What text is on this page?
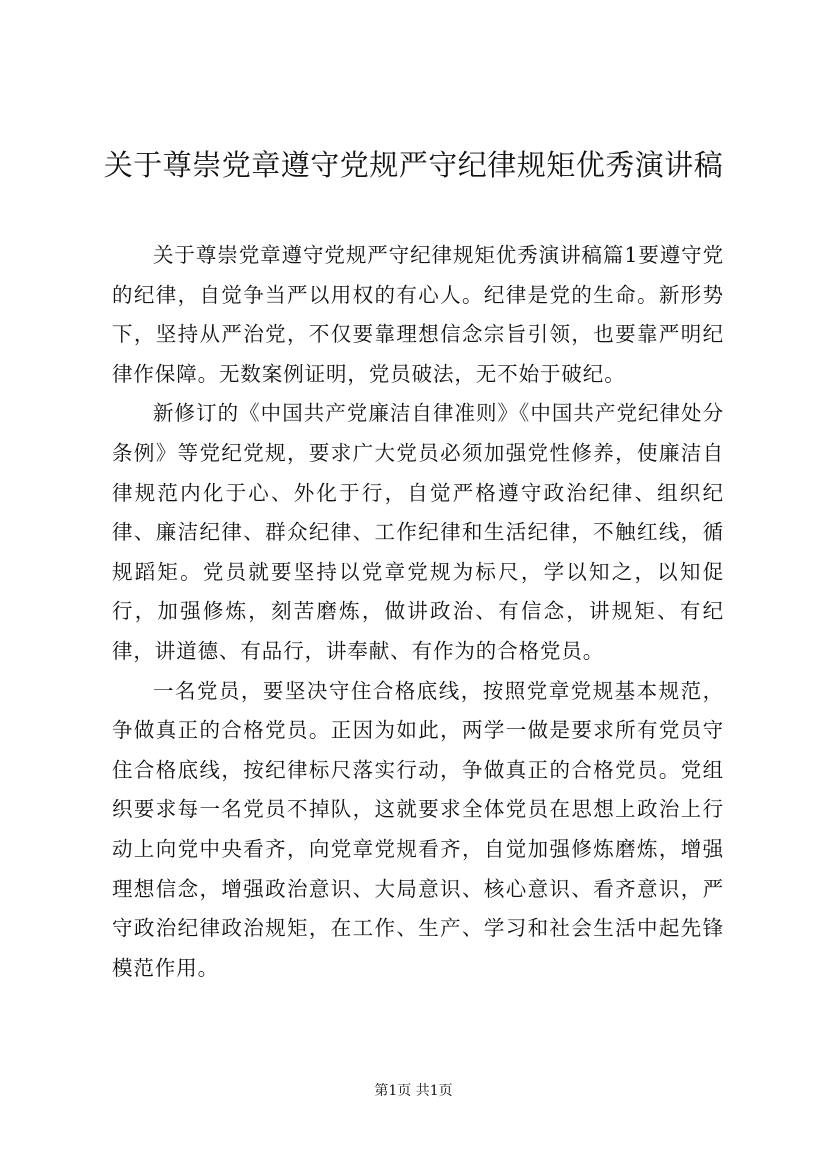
关于尊崇党章遵守党规严守纪律规矩优秀演讲稿

关于尊崇党章遵守党规严守纪律规矩优秀演讲稿篇1要遵守党的纪律，自觉争当严以用权的有心人。纪律是党的生命。新形势下，坚持从严治党，不仅要靠理想信念宗旨引领，也要靠严明纪律作保障。无数案例证明，党员破法，无不始于破纪。

新修订的《中国共产党廉洁自律准则》《中国共产党纪律处分条例》等党纪党规，要求广大党员必须加强党性修养，使廉洁自律规范内化于心、外化于行，自觉严格遵守政治纪律、组织纪律、廉洁纪律、群众纪律、工作纪律和生活纪律，不触红线，循规蹈矩。党员就要坚持以党章党规为标尺，学以知之，以知促行，加强修炼，刻苦磨炼，做讲政治、有信念，讲规矩、有纪律，讲道德、有品行，讲奉献、有作为的合格党员。

一名党员，要坚决守住合格底线，按照党章党规基本规范，争做真正的合格党员。正因为如此，两学一做是要求所有党员守住合格底线，按纪律标尺落实行动，争做真正的合格党员。党组织要求每一名党员不掉队，这就要求全体党员在思想上政治上行动上向党中央看齐，向党章党规看齐，自觉加强修炼磨炼，增强理想信念，增强政治意识、大局意识、核心意识、看齐意识，严守政治纪律政治规矩，在工作、生产、学习和社会生活中起先锋模范作用。

第1页 共1页
